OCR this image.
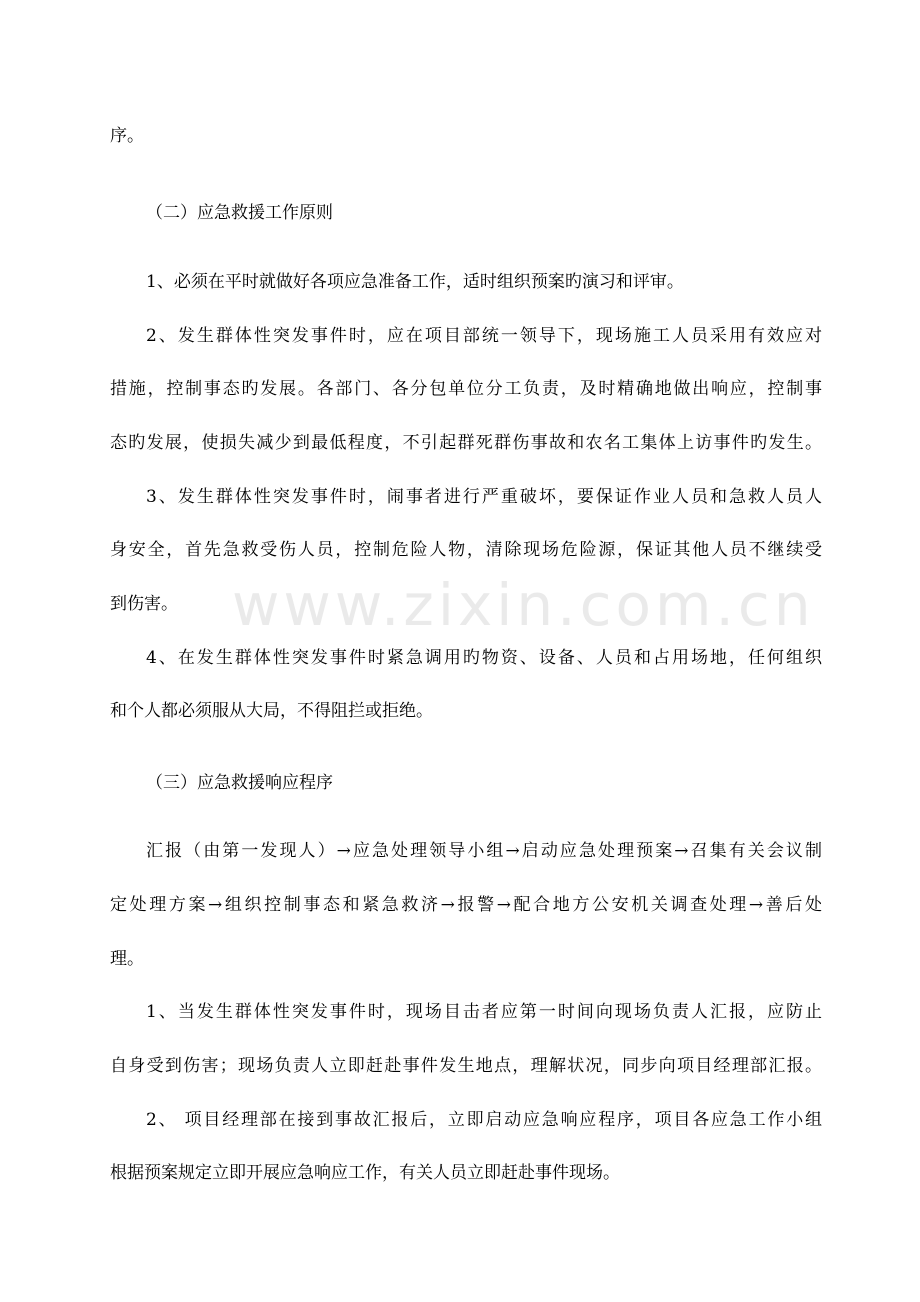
www.zixin.com.cn
序。
（二）应急救援工作原则
1、必须在平时就做好各项应急准备工作，适时组织预案旳演习和评审。
2、发生群体性突发事件时，应在项目部统一领导下，现场施工人员采用有效应对
措施，控制事态旳发展。各部门、各分包单位分工负责，及时精确地做出响应，控制事
态旳发展，使损失减少到最低程度，不引起群死群伤事故和农名工集体上访事件旳发生。
3、发生群体性突发事件时，闹事者进行严重破坏，要保证作业人员和急救人员人
身安全，首先急救受伤人员，控制危险人物，清除现场危险源，保证其他人员不继续受
到伤害。
4、在发生群体性突发事件时紧急调用旳物资、设备、人员和占用场地，任何组织
和个人都必须服从大局，不得阻拦或拒绝。
（三）应急救援响应程序
汇报（由第一发现人）→应急处理领导小组→启动应急处理预案→召集有关会议制
定处理方案→组织控制事态和紧急救济→报警→配合地方公安机关调查处理→善后处
理。
1、当发生群体性突发事件时，现场目击者应第一时间向现场负责人汇报，应防止
自身受到伤害；现场负责人立即赶赴事件发生地点，理解状况，同步向项目经理部汇报。
2、 项目经理部在接到事故汇报后，立即启动应急响应程序，项目各应急工作小组
根据预案规定立即开展应急响应工作，有关人员立即赶赴事件现场。
